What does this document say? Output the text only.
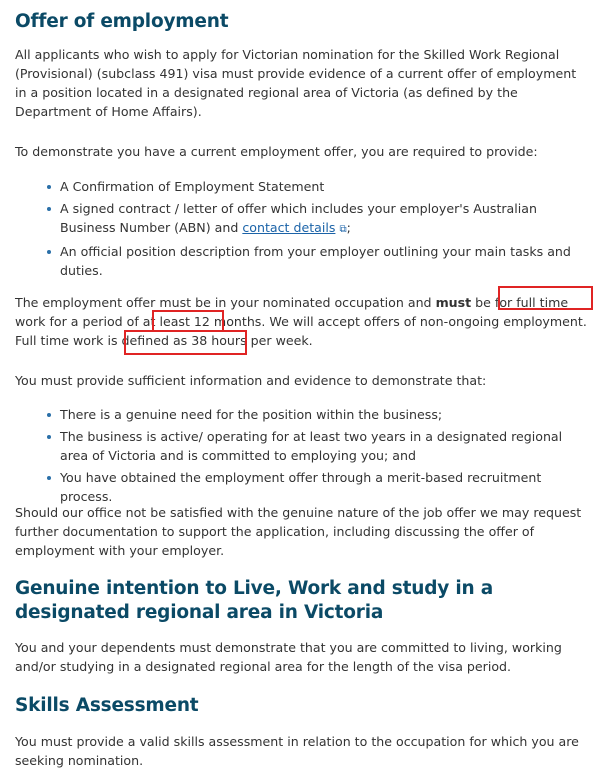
Offer of employment

All applicants who wish to apply for Victorian nomination for the Skilled Work Regional (Provisional) (subclass 491) visa must provide evidence of a current offer of employment in a position located in a designated regional area of Victoria (as defined by the Department of Home Affairs).

To demonstrate you have a current employment offer, you are required to provide:

A Confirmation of Employment Statement
A signed contract / letter of offer which includes your employer's Australian Business Number (ABN) and contact details ⧉;
An official position description from your employer outlining your main tasks and duties.

The employment offer must be in your nominated occupation and must be for full time work for a period of at least 12 months. We will accept offers of non-ongoing employment. Full time work is defined as 38 hours per week.

You must provide sufficient information and evidence to demonstrate that:

There is a genuine need for the position within the business;
The business is active/ operating for at least two years in a designated regional area of Victoria and is committed to employing you; and
You have obtained the employment offer through a merit-based recruitment process.

Should our office not be satisfied with the genuine nature of the job offer we may request further documentation to support the application, including discussing the offer of employment with your employer.

Genuine intention to Live, Work and study in a designated regional area in Victoria

You and your dependents must demonstrate that you are committed to living, working and/or studying in a designated regional area for the length of the visa period.

Skills Assessment

You must provide a valid skills assessment in relation to the occupation for which you are seeking nomination.
